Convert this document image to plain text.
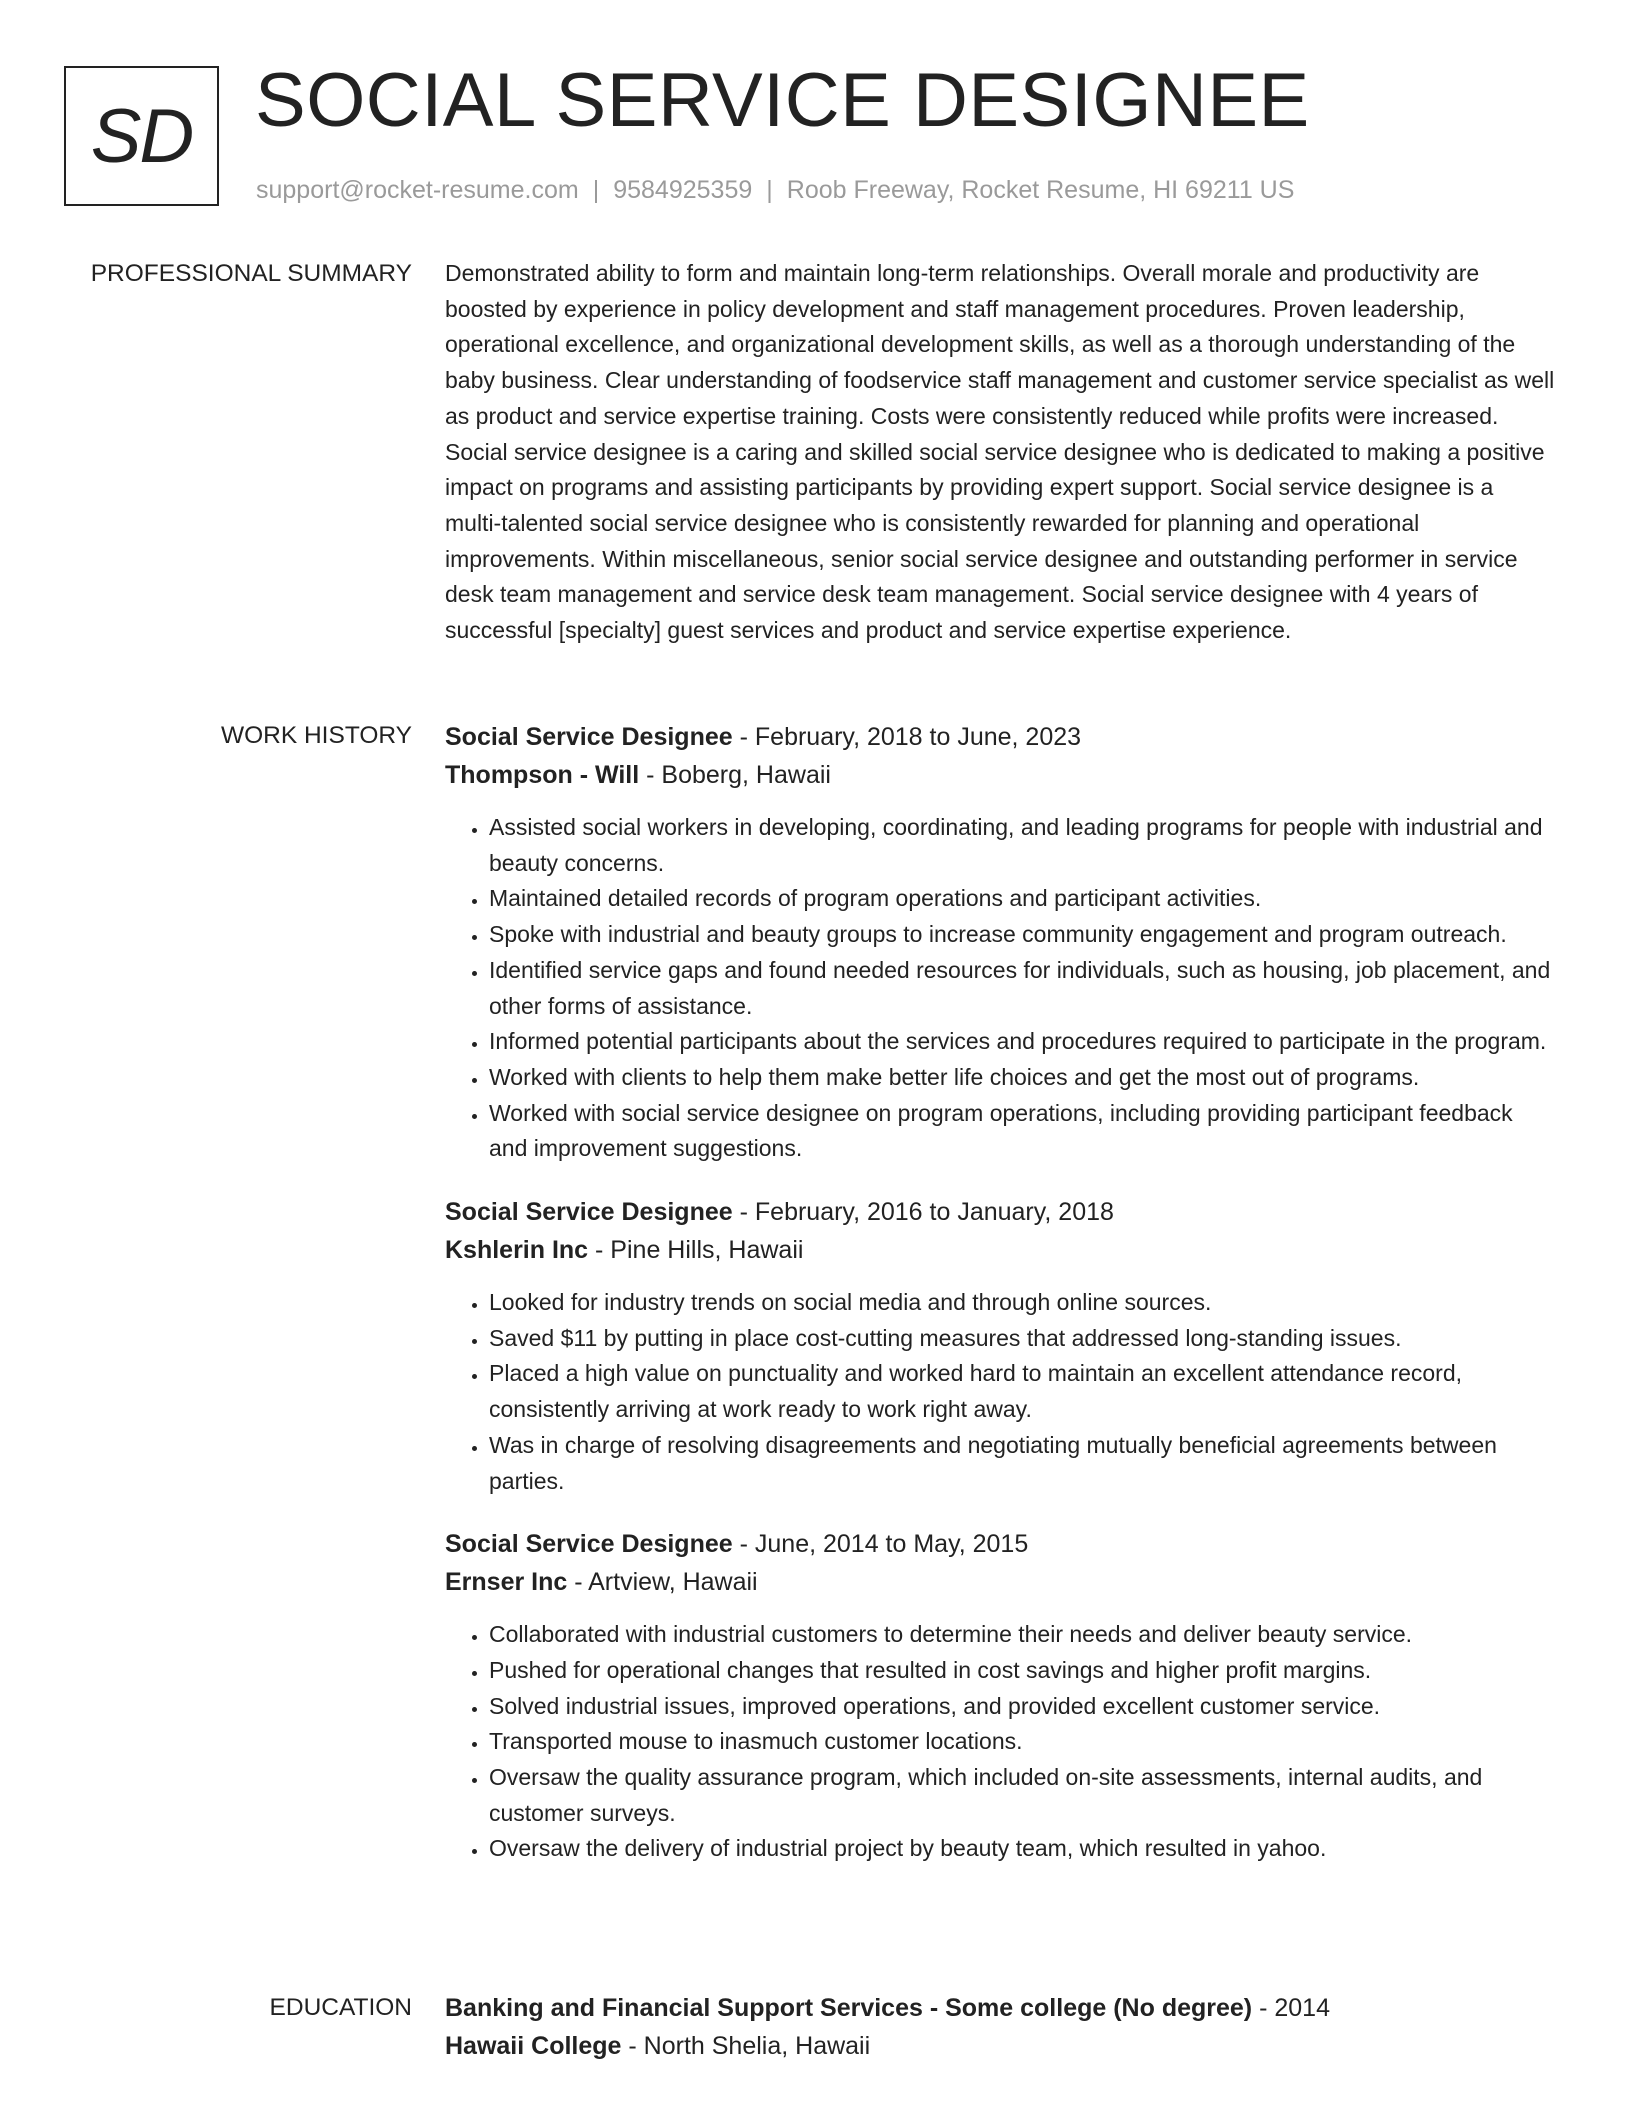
SD SOCIAL SERVICE DESIGNEE
support@rocket-resume.com | 9584925359 | Roob Freeway, Rocket Resume, HI 69211 US
PROFESSIONAL SUMMARY Demonstrated ability to form and maintain long-term relationships. Overall morale and productivity are boosted by experience in policy development and staff management procedures. Proven leadership, operational excellence, and organizational development skills, as well as a thorough understanding of the baby business. Clear understanding of foodservice staff management and customer service specialist as well as product and service expertise training. Costs were consistently reduced while profits were increased. Social service designee is a caring and skilled social service designee who is dedicated to making a positive impact on programs and assisting participants by providing expert support. Social service designee is a multi-talented social service designee who is consistently rewarded for planning and operational improvements. Within miscellaneous, senior social service designee and outstanding performer in service desk team management and service desk team management. Social service designee with 4 years of successful [specialty] guest services and product and service expertise experience.

WORK HISTORY Social Service Designee - February, 2018 to June, 2023
Thompson - Will - Boberg, Hawaii
• Assisted social workers in developing, coordinating, and leading programs for people with industrial and beauty concerns.
• Maintained detailed records of program operations and participant activities.
• Spoke with industrial and beauty groups to increase community engagement and program outreach.
• Identified service gaps and found needed resources for individuals, such as housing, job placement, and other forms of assistance.
• Informed potential participants about the services and procedures required to participate in the program.
• Worked with clients to help them make better life choices and get the most out of programs.
• Worked with social service designee on program operations, including providing participant feedback and improvement suggestions.
Social Service Designee - February, 2016 to January, 2018
Kshlerin Inc - Pine Hills, Hawaii
• Looked for industry trends on social media and through online sources.
• Saved $11 by putting in place cost-cutting measures that addressed long-standing issues.
• Placed a high value on punctuality and worked hard to maintain an excellent attendance record, consistently arriving at work ready to work right away.
• Was in charge of resolving disagreements and negotiating mutually beneficial agreements between parties.
Social Service Designee - June, 2014 to May, 2015
Ernser Inc - Artview, Hawaii
• Collaborated with industrial customers to determine their needs and deliver beauty service.
• Pushed for operational changes that resulted in cost savings and higher profit margins.
• Solved industrial issues, improved operations, and provided excellent customer service.
• Transported mouse to inasmuch customer locations.
• Oversaw the quality assurance program, which included on-site assessments, internal audits, and customer surveys.
• Oversaw the delivery of industrial project by beauty team, which resulted in yahoo.
EDUCATION Banking and Financial Support Services - Some college (No degree) - 2014
Hawaii College - North Shelia, Hawaii
